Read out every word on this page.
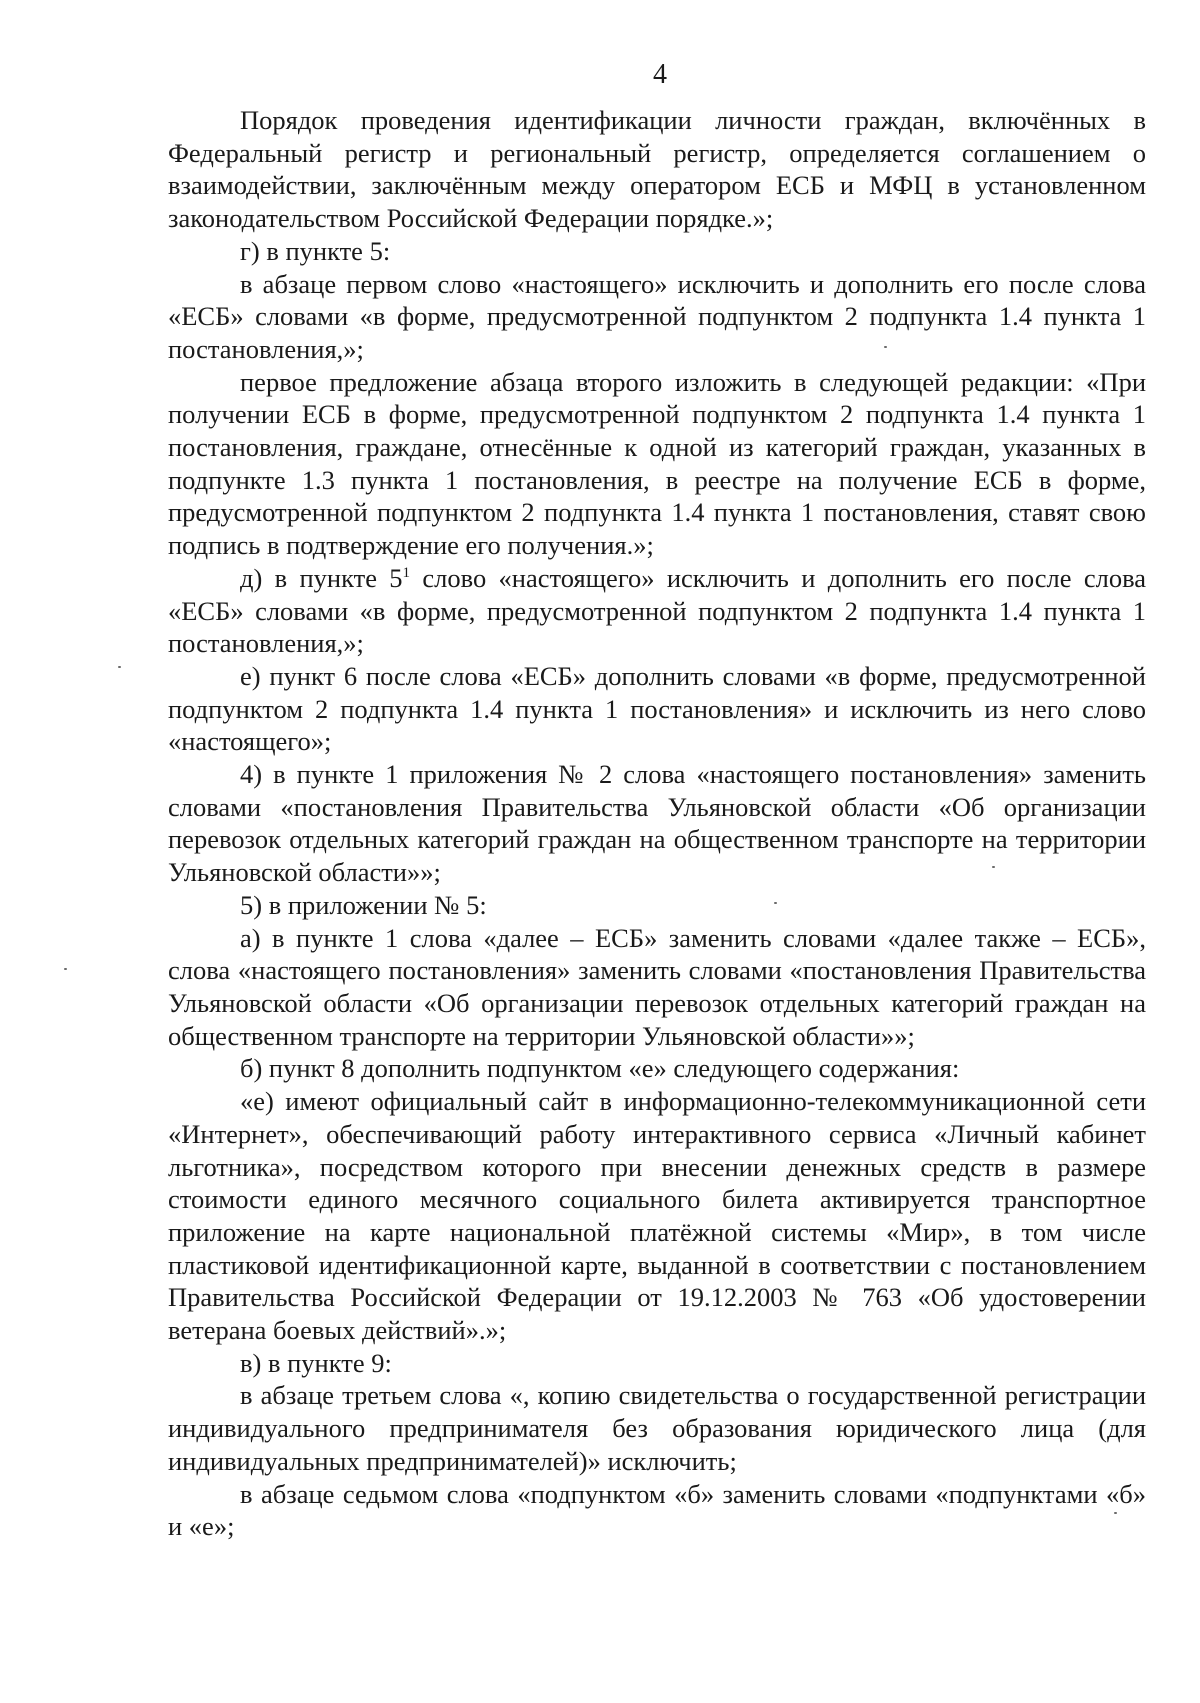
4

Порядок проведения идентификации личности граждан, включённых в Федеральный регистр и региональный регистр, определяется соглашением о взаимодействии, заключённым между оператором ЕСБ и МФЦ в установленном законодательством Российской Федерации порядке.»;

г) в пункте 5:

в абзаце первом слово «настоящего» исключить и дополнить его после слова «ЕСБ» словами «в форме, предусмотренной подпунктом 2 подпункта 1.4 пункта 1 постановления,»;

первое предложение абзаца второго изложить в следующей редакции: «При получении ЕСБ в форме, предусмотренной подпунктом 2 подпункта 1.4 пункта 1 постановления, граждане, отнесённые к одной из категорий граждан, указанных в подпункте 1.3 пункта 1 постановления, в реестре на получение ЕСБ в форме, предусмотренной подпунктом 2 подпункта 1.4 пункта 1 постановления, ставят свою подпись в подтверждение его получения.»;

д) в пункте $5^1$ слово «настоящего» исключить и дополнить его после слова «ЕСБ» словами «в форме, предусмотренной подпунктом 2 подпункта 1.4 пункта 1 постановления,»;

е) пункт 6 после слова «ЕСБ» дополнить словами «в форме, предусмотренной подпунктом 2 подпункта 1.4 пункта 1 постановления» и исключить из него слово «настоящего»;

4) в пункте 1 приложения № 2 слова «настоящего постановления» заменить словами «постановления Правительства Ульяновской области «Об организации перевозок отдельных категорий граждан на общественном транспорте на территории Ульяновской области»»;

5) в приложении № 5:

а) в пункте 1 слова «далее – ЕСБ» заменить словами «далее также – ЕСБ», слова «настоящего постановления» заменить словами «постановления Правительства Ульяновской области «Об организации перевозок отдельных категорий граждан на общественном транспорте на территории Ульяновской области»»;

б) пункт 8 дополнить подпунктом «е» следующего содержания:

«е) имеют официальный сайт в информационно-телекоммуникационной сети «Интернет», обеспечивающий работу интерактивного сервиса «Личный кабинет льготника», посредством которого при внесении денежных средств в размере стоимости единого месячного социального билета активируется транспортное приложение на карте национальной платёжной системы «Мир», в том числе пластиковой идентификационной карте, выданной в соответствии с постановлением Правительства Российской Федерации от 19.12.2003 № 763 «Об удостоверении ветерана боевых действий».»;

в) в пункте 9:

в абзаце третьем слова «, копию свидетельства о государственной регистрации индивидуального предпринимателя без образования юридического лица (для индивидуальных предпринимателей)» исключить;

в абзаце седьмом слова «подпунктом «б» заменить словами «подпунктами «б» и «е»;
